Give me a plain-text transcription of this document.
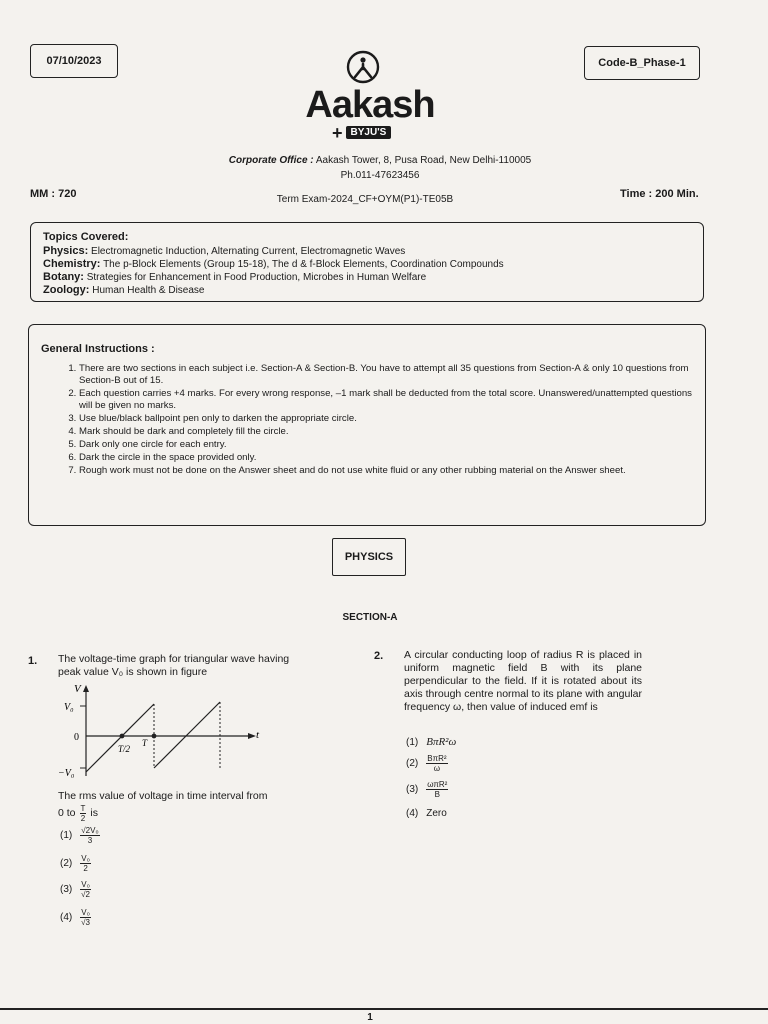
07/10/2023	Code-B_Phase-1
Aakash
+ BYJU'S
Corporate Office : Aakash Tower, 8, Pusa Road, New Delhi-110005
Ph.011-47623456
MM : 720	Term Exam-2024_CF+OYM(P1)-TE05B	Time : 200 Min.
Topics Covered:
Physics: Electromagnetic Induction, Alternating Current, Electromagnetic Waves
Chemistry: The p-Block Elements (Group 15-18), The d & f-Block Elements, Coordination Compounds
Botany: Strategies for Enhancement in Food Production, Microbes in Human Welfare
Zoology: Human Health & Disease
General Instructions :
1. There are two sections in each subject i.e. Section-A & Section-B. You have to attempt all 35 questions from Section-A & only 10 questions from Section-B out of 15.
2. Each question carries +4 marks. For every wrong response, –1 mark shall be deducted from the total score. Unanswered/unattempted questions will be given no marks.
3. Use blue/black ballpoint pen only to darken the appropriate circle.
4. Mark should be dark and completely fill the circle.
5. Dark only one circle for each entry.
6. Dark the circle in the space provided only.
7. Rough work must not be done on the Answer sheet and do not use white fluid or any other rubbing material on the Answer sheet.
PHYSICS
SECTION-A
1. The voltage-time graph for triangular wave having peak value V₀ is shown in figure
V
V₀
0
−V₀
t
T/2
T
The rms value of voltage in time interval from
0 to $\frac{T}{2}$ is
$(1) \frac{\text{√2V₀}}{3}$
$(2) \frac{\text{V₀}}{2}$
$(3) \frac{\text{V₀}}{√2}$
$(4) \frac{\text{V₀}}{√3}$
2. A circular conducting loop of radius R is placed in uniform magnetic field B with its plane perpendicular to the field. If it is rotated about its axis through centre normal to its plane with angular frequency ω, then value of induced emf is
(1) BπR²ω
$(2) \frac{\text{BπR²}}{\omega}$
$(3) \frac{\text{ωπR²}}{B}$
(4) Zero
1
